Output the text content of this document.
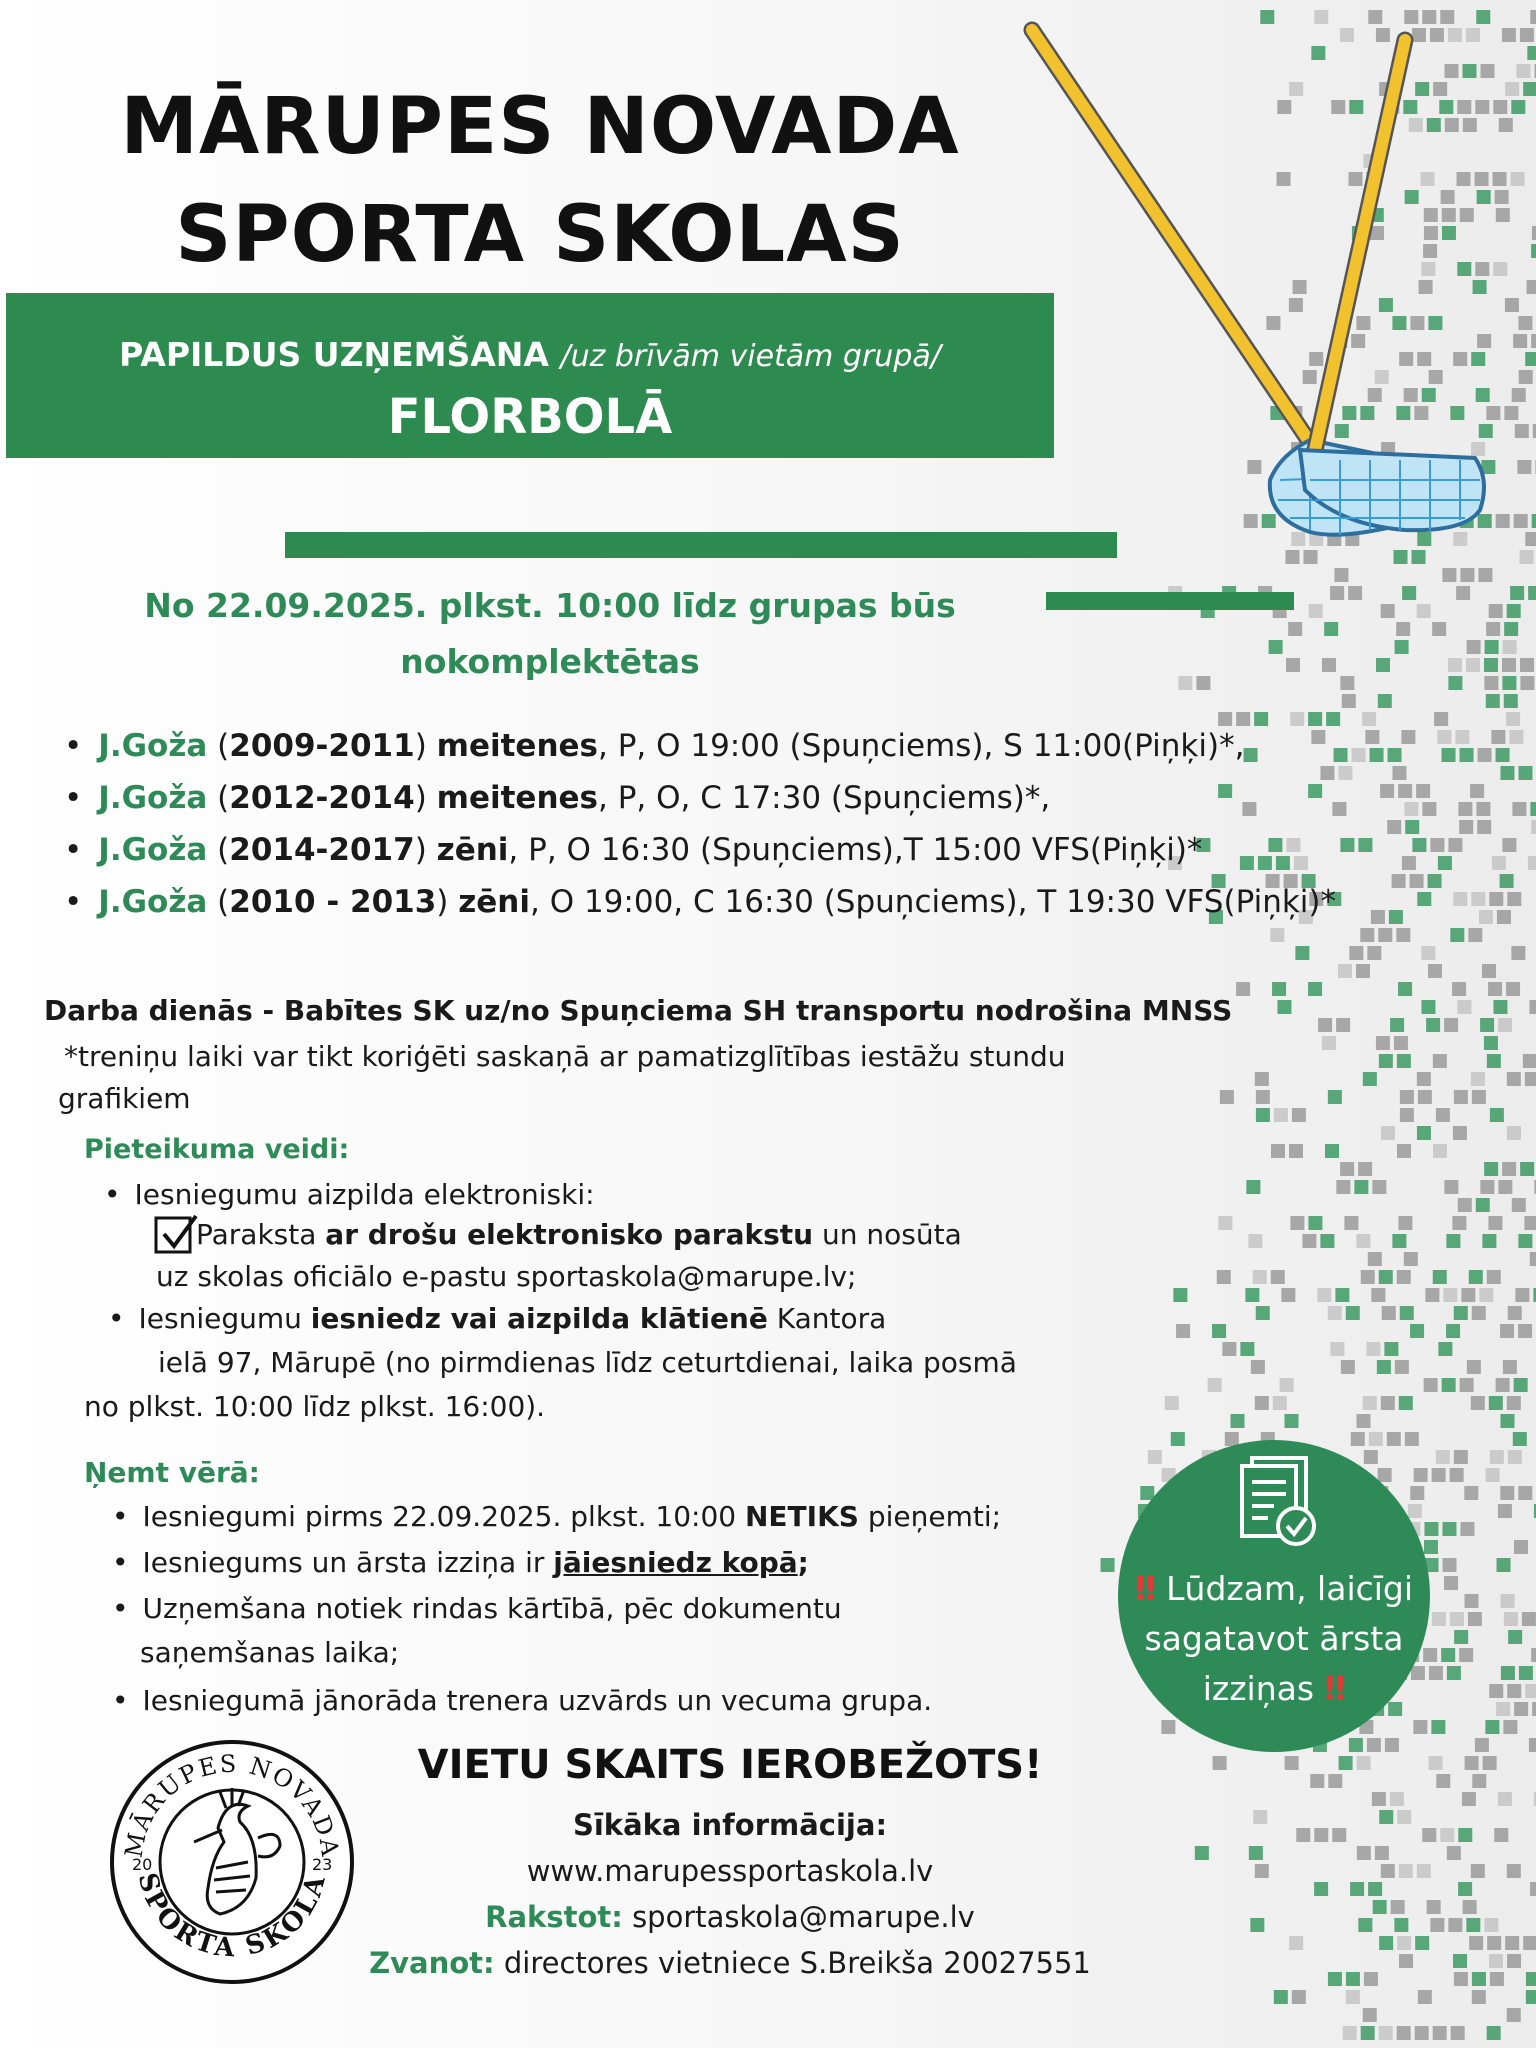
MĀRUPES NOVADA
SPORTA SKOLAS
PAPILDUS UZŅEMŠANA /uz brīvām vietām grupā/
FLORBOLĀ
No 22.09.2025. plkst. 10:00 līdz grupas būs
nokomplektētas
• J.Goža (2009-2011) meitenes, P, O 19:00 (Spuņciems), S 11:00(Piņķi)*,
• J.Goža (2012-2014) meitenes, P, O, C 17:30 (Spuņciems)*,
• J.Goža (2014-2017) zēni, P, O 16:30 (Spuņciems),T 15:00 VFS(Piņķi)*
• J.Goža (2010 - 2013) zēni, O 19:00, C 16:30 (Spuņciems), T 19:30 VFS(Piņķi)*
Darba dienās - Babītes SK uz/no Spuņciema SH transportu nodrošina MNSS
*treniņu laiki var tikt koriģēti saskaņā ar pamatizglītības iestāžu stundu
grafikiem
Pieteikuma veidi:
• Iesniegumu aizpilda elektroniski:
Paraksta ar drošu elektronisko parakstu un nosūta
uz skolas oficiālo e-pastu sportaskola@marupe.lv;
• Iesniegumu iesniedz vai aizpilda klātienē Kantora
ielā 97, Mārupē (no pirmdienas līdz ceturtdienai, laika posmā
no plkst. 10:00 līdz plkst. 16:00).
Ņemt vērā:
• Iesniegumi pirms 22.09.2025. plkst. 10:00 NETIKS pieņemti;
• Iesniegums un ārsta izziņa ir jāiesniedz kopā;
• Uzņemšana notiek rindas kārtībā, pēc dokumentu
saņemšanas laika;
• Iesniegumā jānorāda trenera uzvārds un vecuma grupa.
‼ Lūdzam, laicīgi
sagatavot ārsta
izziņas ‼
MĀRUPES NOVADA
SPORTA SKOLA
20	23
VIETU SKAITS IEROBEŽOTS!
Sīkāka informācija:
www.marupessportaskola.lv
Rakstot: sportaskola@marupe.lv
Zvanot: directores vietniece S.Breikša 20027551
